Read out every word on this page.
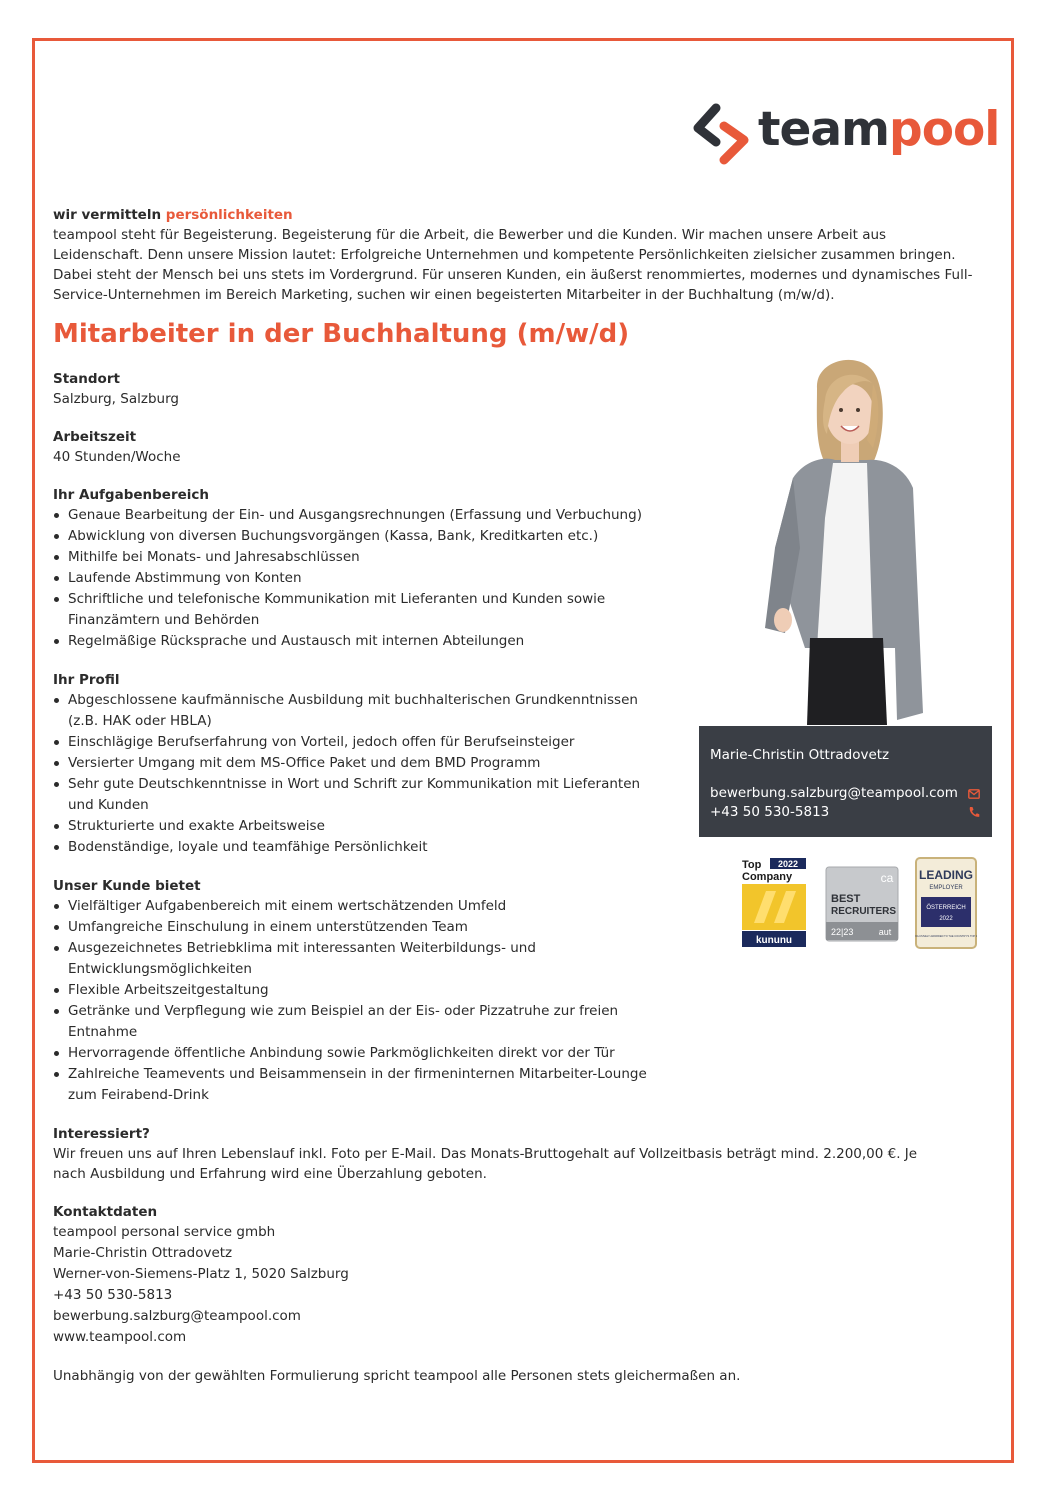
teampool
wir vermitteln persönlichkeiten
teampool steht für Begeisterung. Begeisterung für die Arbeit, die Bewerber und die Kunden. Wir machen unsere Arbeit aus Leidenschaft. Denn unsere Mission lautet: Erfolgreiche Unternehmen und kompetente Persönlichkeiten zielsicher zusammen bringen. Dabei steht der Mensch bei uns stets im Vordergrund. Für unseren Kunden, ein äußerst renommiertes, modernes und dynamisches Full-Service-Unternehmen im Bereich Marketing, suchen wir einen begeisterten Mitarbeiter in der Buchhaltung (m/w/d).
Mitarbeiter in der Buchhaltung (m/w/d)
Standort
Salzburg, Salzburg
Arbeitszeit
40 Stunden/Woche
Ihr Aufgabenbereich
Genaue Bearbeitung der Ein- und Ausgangsrechnungen (Erfassung und Verbuchung)
Abwicklung von diversen Buchungsvorgängen (Kassa, Bank, Kreditkarten etc.)
Mithilfe bei Monats- und Jahresabschlüssen
Laufende Abstimmung von Konten
Schriftliche und telefonische Kommunikation mit Lieferanten und Kunden sowie Finanzämtern und Behörden
Regelmäßige Rücksprache und Austausch mit internen Abteilungen
Ihr Profil
Abgeschlossene kaufmännische Ausbildung mit buchhalterischen Grundkenntnissen (z.B. HAK oder HBLA)
Einschlägige Berufserfahrung von Vorteil, jedoch offen für Berufseinsteiger
Versierter Umgang mit dem MS-Office Paket und dem BMD Programm
Sehr gute Deutschkenntnisse in Wort und Schrift zur Kommunikation mit Lieferanten und Kunden
Strukturierte und exakte Arbeitsweise
Bodenständige, loyale und teamfähige Persönlichkeit
Unser Kunde bietet
Vielfältiger Aufgabenbereich mit einem wertschätzenden Umfeld
Umfangreiche Einschulung in einem unterstützenden Team
Ausgezeichnetes Betriebklima mit interessanten Weiterbildungs- und Entwicklungsmöglichkeiten
Flexible Arbeitszeitgestaltung
Getränke und Verpflegung wie zum Beispiel an der Eis- oder Pizzatruhe zur freien Entnahme
Hervorragende öffentliche Anbindung sowie Parkmöglichkeiten direkt vor der Tür
Zahlreiche Teamevents und Beisammensein in der firmeninternen Mitarbeiter-Lounge zum Feirabend-Drink
Interessiert?
Wir freuen uns auf Ihren Lebenslauf inkl. Foto per E-Mail. Das Monats-Bruttogehalt auf Vollzeitbasis beträgt mind. 2.200,00 €. Je nach Ausbildung und Erfahrung wird eine Überzahlung geboten.
Kontaktdaten
teampool personal service gmbh
Marie-Christin Ottradovetz
Werner-von-Siemens-Platz 1, 5020 Salzburg
+43 50 530-5813
bewerbung.salzburg@teampool.com
www.teampool.com
Unabhängig von der gewählten Formulierung spricht teampool alle Personen stets gleichermaßen an.
Marie-Christin Ottradovetz
bewerbung.salzburg@teampool.com
+43 50 530-5813
Top 2022
Company
kununu
ca
BEST
RECRUITERS
22|23	aut
LEADING
EMPLOYER
ÖSTERREICH
2022
EXCLUSIVELY AWARDED TO THE COUNTRY'S TOP 1%
